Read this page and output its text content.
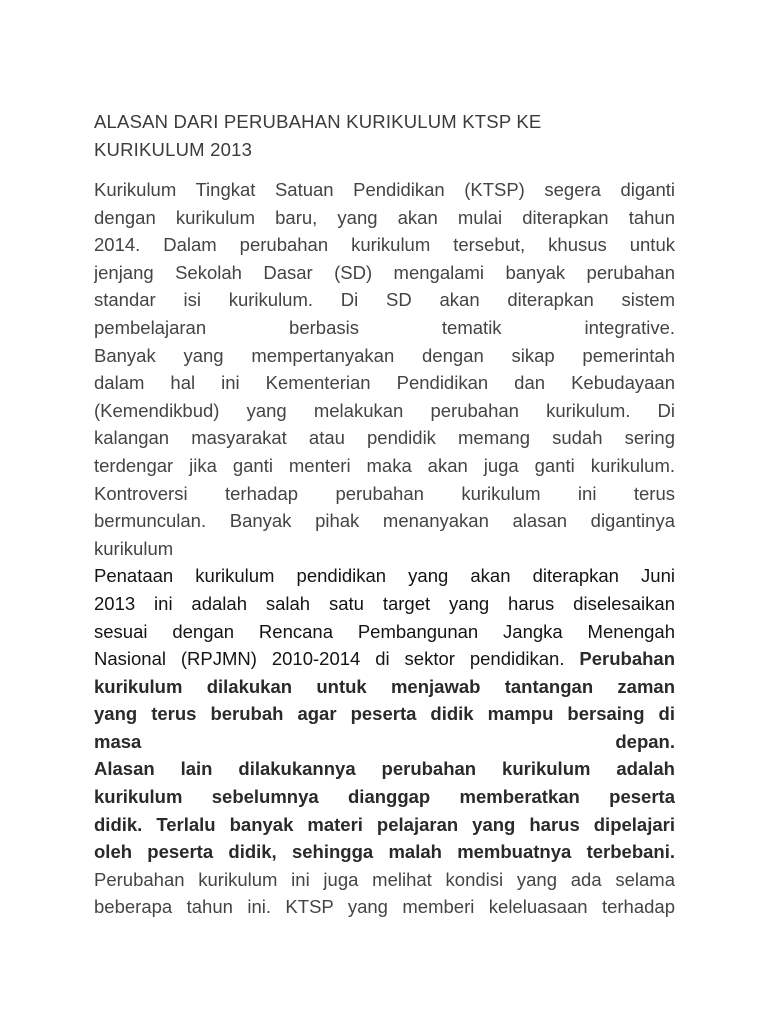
ALASAN DARI PERUBAHAN KURIKULUM KTSP KE
KURIKULUM 2013
Kurikulum Tingkat Satuan Pendidikan (KTSP) segera diganti
dengan kurikulum baru, yang akan mulai diterapkan tahun
2014. Dalam perubahan kurikulum tersebut, khusus untuk
jenjang Sekolah Dasar (SD) mengalami banyak perubahan
standar isi kurikulum. Di SD akan diterapkan sistem
pembelajaran berbasis tematik integrative.
Banyak yang mempertanyakan dengan sikap pemerintah
dalam hal ini Kementerian Pendidikan dan Kebudayaan
(Kemendikbud) yang melakukan perubahan kurikulum. Di
kalangan masyarakat atau pendidik memang sudah sering
terdengar jika ganti menteri maka akan juga ganti kurikulum.
Kontroversi terhadap perubahan kurikulum ini terus
bermunculan. Banyak pihak menanyakan alasan digantinya
kurikulum
Penataan kurikulum pendidikan yang akan diterapkan Juni
2013 ini adalah salah satu target yang harus diselesaikan
sesuai dengan Rencana Pembangunan Jangka Menengah
Nasional (RPJMN) 2010-2014 di sektor pendidikan. Perubahan
kurikulum dilakukan untuk menjawab tantangan zaman
yang terus berubah agar peserta didik mampu bersaing di
masa depan.
Alasan lain dilakukannya perubahan kurikulum adalah
kurikulum sebelumnya dianggap memberatkan peserta
didik. Terlalu banyak materi pelajaran yang harus dipelajari
oleh peserta didik, sehingga malah membuatnya terbebani.
Perubahan kurikulum ini juga melihat kondisi yang ada selama
beberapa tahun ini. KTSP yang memberi keleluasaan terhadap
